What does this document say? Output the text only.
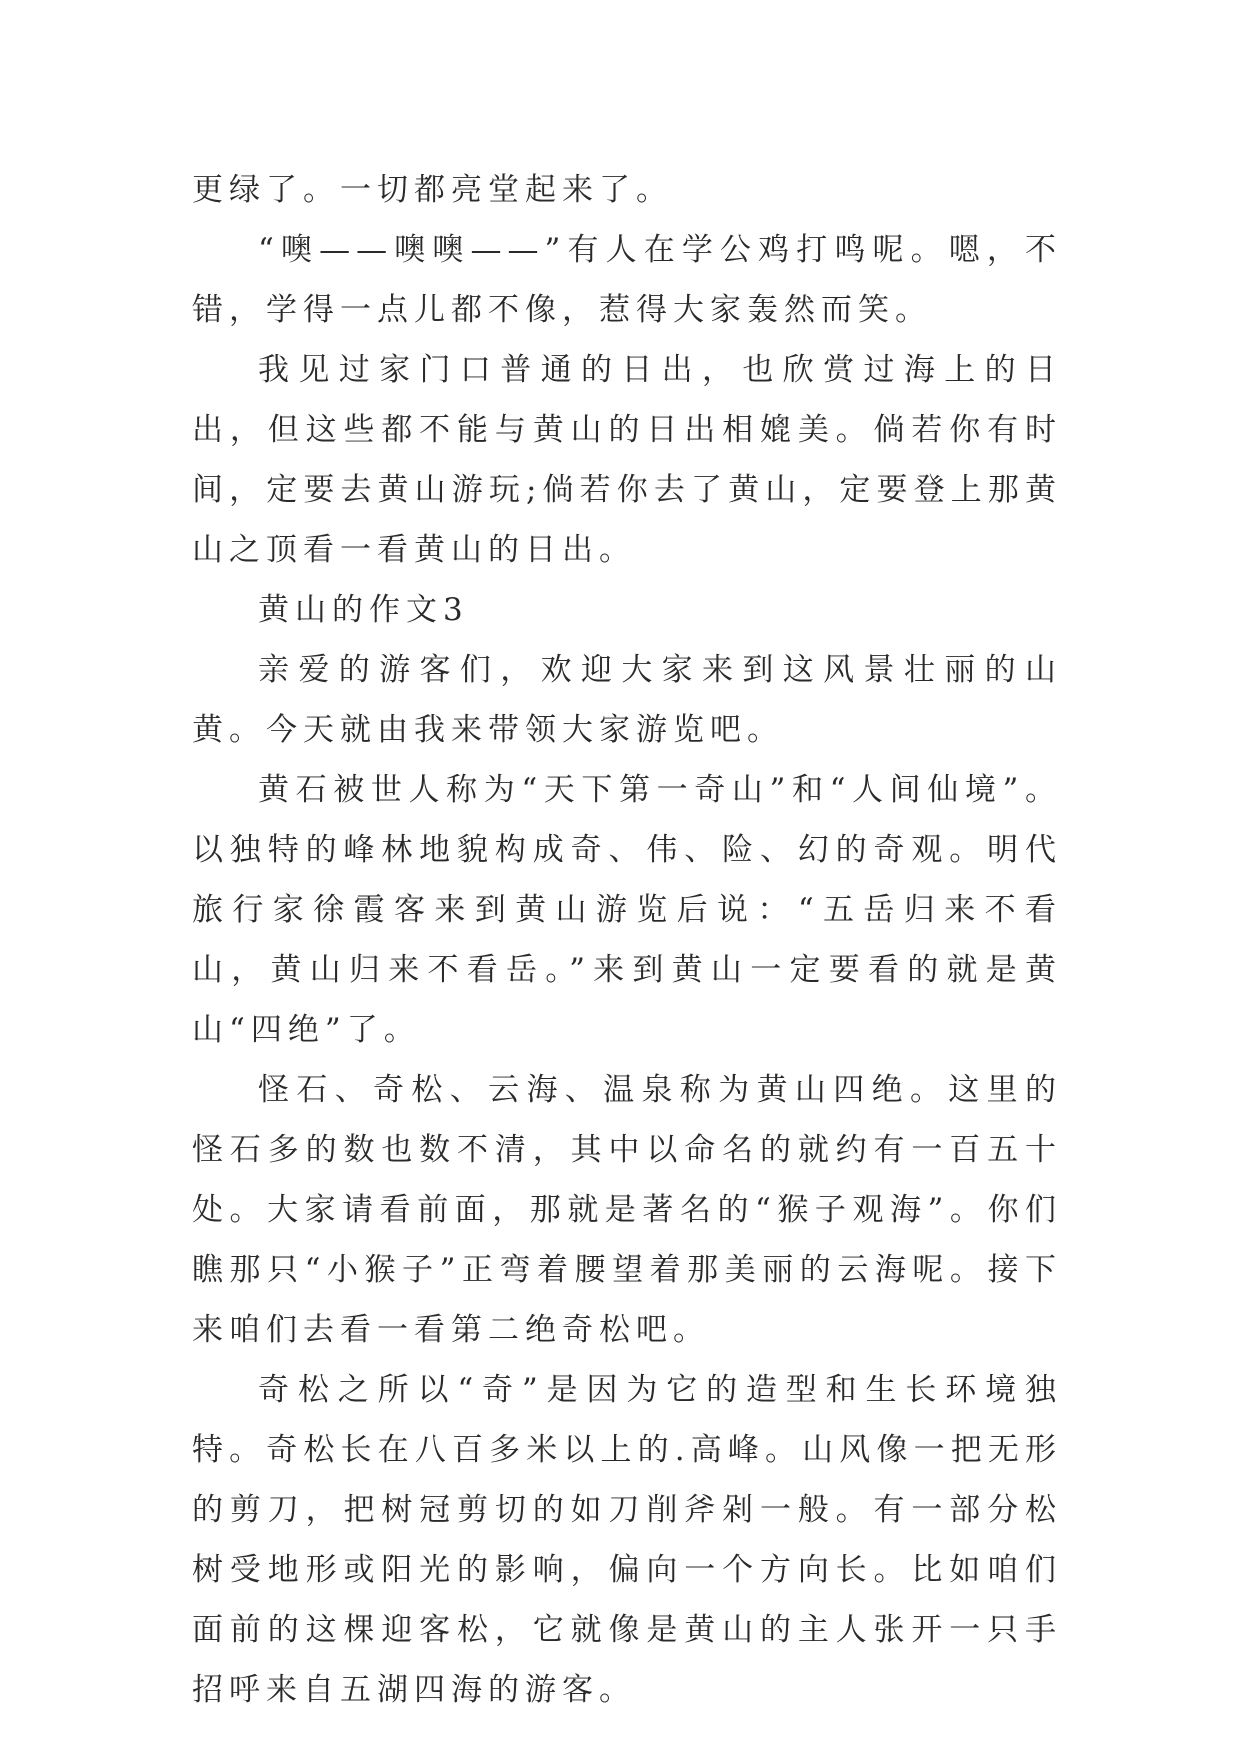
更绿了。一切都亮堂起来了。

“噢——噢噢——”有人在学公鸡打鸣呢。嗯，不错，学得一点儿都不像，惹得大家轰然而笑。

我见过家门口普通的日出，也欣赏过海上的日出，但这些都不能与黄山的日出相媲美。倘若你有时间，定要去黄山游玩;倘若你去了黄山，定要登上那黄山之顶看一看黄山的日出。

黄山的作文3

亲爱的游客们，欢迎大家来到这风景壮丽的山黄。今天就由我来带领大家游览吧。

黄石被世人称为“天下第一奇山”和“人间仙境”。以独特的峰林地貌构成奇、伟、险、幻的奇观。明代旅行家徐霞客来到黄山游览后说：“五岳归来不看山，黄山归来不看岳。”来到黄山一定要看的就是黄山“四绝”了。

怪石、奇松、云海、温泉称为黄山四绝。这里的怪石多的数也数不清，其中以命名的就约有一百五十处。大家请看前面，那就是著名的“猴子观海”。你们瞧那只“小猴子”正弯着腰望着那美丽的云海呢。接下来咱们去看一看第二绝奇松吧。

奇松之所以“奇”是因为它的造型和生长环境独特。奇松长在八百多米以上的.高峰。山风像一把无形的剪刀，把树冠剪切的如刀削斧剁一般。有一部分松树受地形或阳光的影响，偏向一个方向长。比如咱们面前的这棵迎客松，它就像是黄山的主人张开一只手招呼来自五湖四海的游客。
